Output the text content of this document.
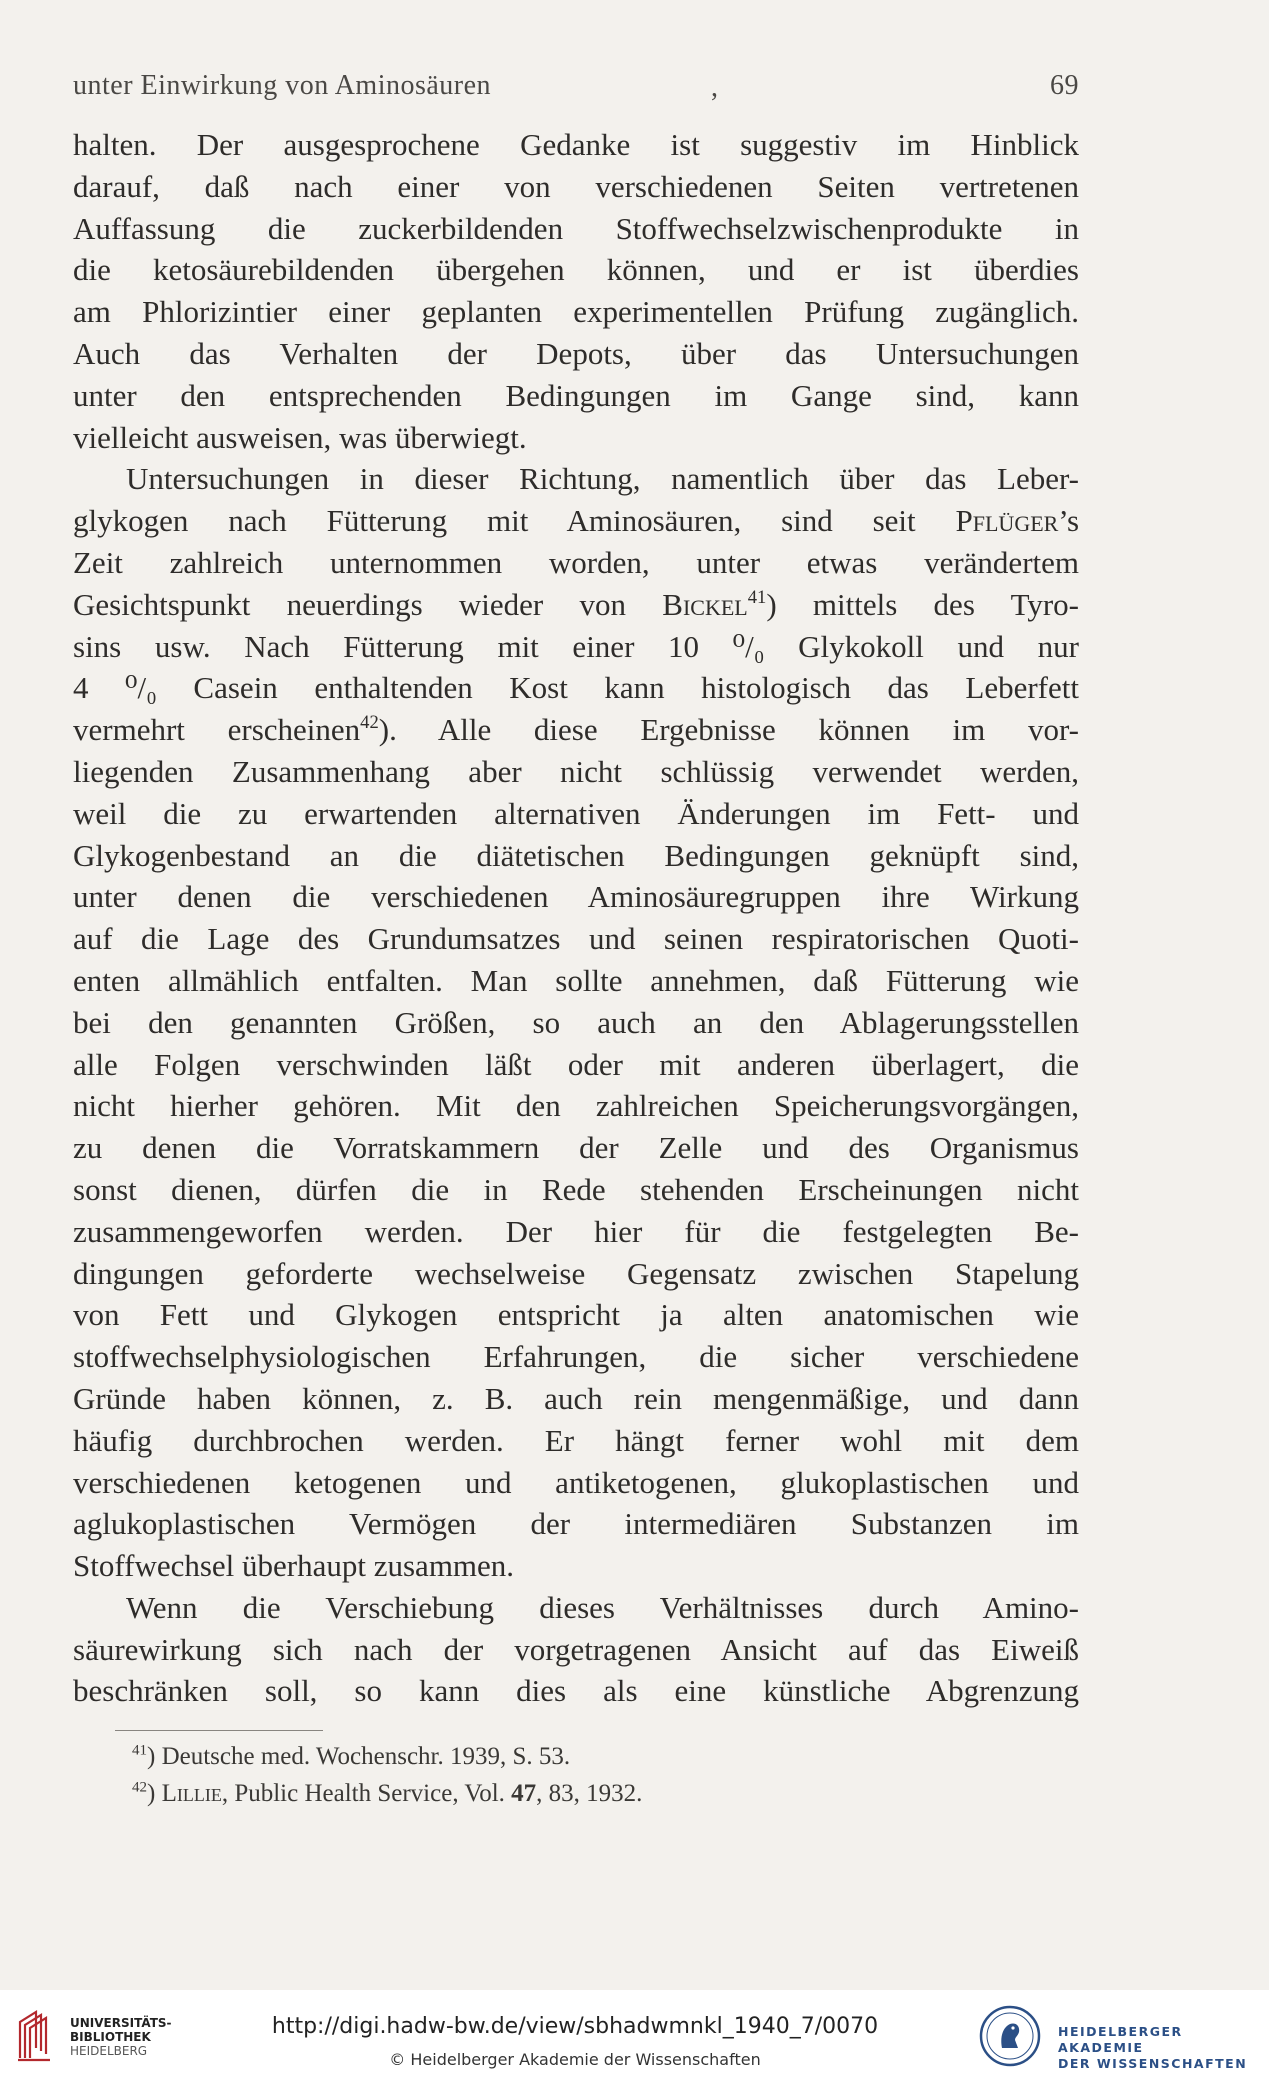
unter Einwirkung von Aminosäuren	,	69
halten. Der ausgesprochene Gedanke ist suggestiv im Hinblick
darauf, daß nach einer von verschiedenen Seiten vertretenen
Auffassung die zuckerbildenden Stoffwechselzwischenprodukte in
die ketosäurebildenden übergehen können, und er ist überdies
am Phlorizintier einer geplanten experimentellen Prüfung zugänglich.
Auch das Verhalten der Depots, über das Untersuchungen
unter den entsprechenden Bedingungen im Gange sind, kann
vielleicht ausweisen, was überwiegt.
Untersuchungen in dieser Richtung, namentlich über das Leber-
glykogen nach Fütterung mit Aminosäuren, sind seit Pflüger’s
Zeit zahlreich unternommen worden, unter etwas verändertem
Gesichtspunkt neuerdings wieder von Bickel$^{41}$) mittels des Tyro-
sins usw. Nach Fütterung mit einer 10 ⁰/₀ Glykokoll und nur
4 ⁰/₀ Casein enthaltenden Kost kann histologisch das Leberfett
vermehrt erscheinen$^{42}$). Alle diese Ergebnisse können im vor-
liegenden Zusammenhang aber nicht schlüssig verwendet werden,
weil die zu erwartenden alternativen Änderungen im Fett- und
Glykogenbestand an die diätetischen Bedingungen geknüpft sind,
unter denen die verschiedenen Aminosäuregruppen ihre Wirkung
auf die Lage des Grundumsatzes und seinen respiratorischen Quoti-
enten allmählich entfalten. Man sollte annehmen, daß Fütterung wie
bei den genannten Größen, so auch an den Ablagerungsstellen
alle Folgen verschwinden läßt oder mit anderen überlagert, die
nicht hierher gehören. Mit den zahlreichen Speicherungsvorgängen,
zu denen die Vorratskammern der Zelle und des Organismus
sonst dienen, dürfen die in Rede stehenden Erscheinungen nicht
zusammengeworfen werden. Der hier für die festgelegten Be-
dingungen geforderte wechselweise Gegensatz zwischen Stapelung
von Fett und Glykogen entspricht ja alten anatomischen wie
stoffwechselphysiologischen Erfahrungen, die sicher verschiedene
Gründe haben können, z. B. auch rein mengenmäßige, und dann
häufig durchbrochen werden. Er hängt ferner wohl mit dem
verschiedenen ketogenen und antiketogenen, glukoplastischen und
aglukoplastischen Vermögen der intermediären Substanzen im
Stoffwechsel überhaupt zusammen.
Wenn die Verschiebung dieses Verhältnisses durch Amino-
säurewirkung sich nach der vorgetragenen Ansicht auf das Eiweiß
beschränken soll, so kann dies als eine künstliche Abgrenzung
$^{41}$) Deutsche med. Wochenschr. 1939, S. 53.
$^{42}$) Lillie, Public Health Service, Vol. 47, 83, 1932.
UNIVERSITÄTS-
BIBLIOTHEK
HEIDELBERG
http://digi.hadw-bw.de/view/sbhadwmnkl_1940_7/0070
© Heidelberger Akademie der Wissenschaften
HEIDELBERGER AKADEMIE
DER WISSENSCHAFTEN
